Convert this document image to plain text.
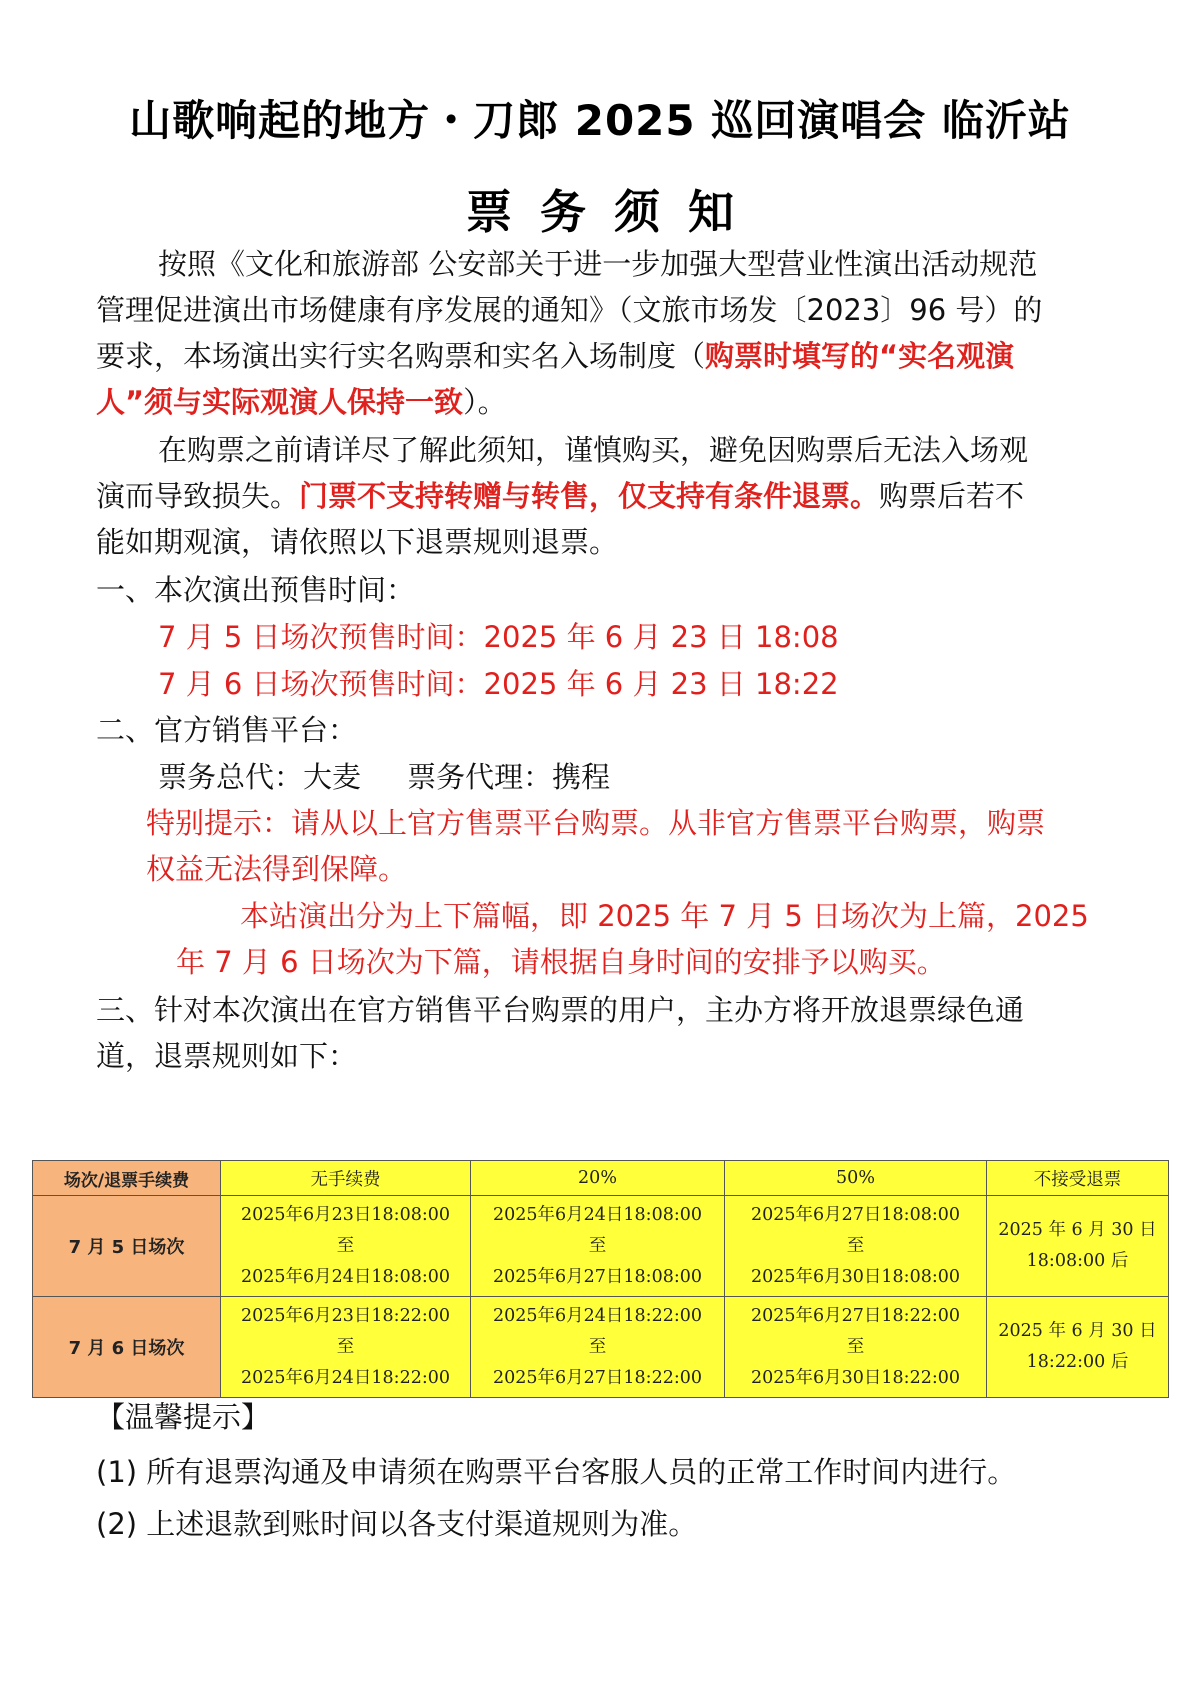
山歌响起的地方・刀郎 2025 巡回演唱会 临沂站
票务须知
按照《文化和旅游部 公安部关于进一步加强大型营业性演出活动规范
管理促进演出市场健康有序发展的通知》（文旅市场发〔2023〕96 号）的
要求，本场演出实行实名购票和实名入场制度（购票时填写的“实名观演
人”须与实际观演人保持一致）。
在购票之前请详尽了解此须知，谨慎购买，避免因购票后无法入场观
演而导致损失。门票不支持转赠与转售，仅支持有条件退票。购票后若不
能如期观演，请依照以下退票规则退票。
一、本次演出预售时间：
7 月 5 日场次预售时间：2025 年 6 月 23 日 18:08
7 月 6 日场次预售时间：2025 年 6 月 23 日 18:22
二、官方销售平台：
票务总代：大麦     票务代理：携程
特别提示：请从以上官方售票平台购票。从非官方售票平台购票，购票
权益无法得到保障。
本站演出分为上下篇幅，即 2025 年 7 月 5 日场次为上篇，2025
年 7 月 6 日场次为下篇，请根据自身时间的安排予以购买。
三、针对本次演出在官方销售平台购票的用户，主办方将开放退票绿色通
道，退票规则如下：
场次/退票手续费	无手续费	20%	50%	不接受退票
7 月 5 日场次	2025年6月23日18:08:00
至
2025年6月24日18:08:00	2025年6月24日18:08:00
至
2025年6月27日18:08:00	2025年6月27日18:08:00
至
2025年6月30日18:08:00	2025 年 6 月 30 日
18:08:00 后

7 月 6 日场次	2025年6月23日18:22:00
至
2025年6月24日18:22:00	2025年6月24日18:22:00
至
2025年6月27日18:22:00	2025年6月27日18:22:00
至
2025年6月30日18:22:00	2025 年 6 月 30 日
18:22:00 后
【温馨提示】
(1) 所有退票沟通及申请须在购票平台客服人员的正常工作时间内进行。
(2) 上述退款到账时间以各支付渠道规则为准。
